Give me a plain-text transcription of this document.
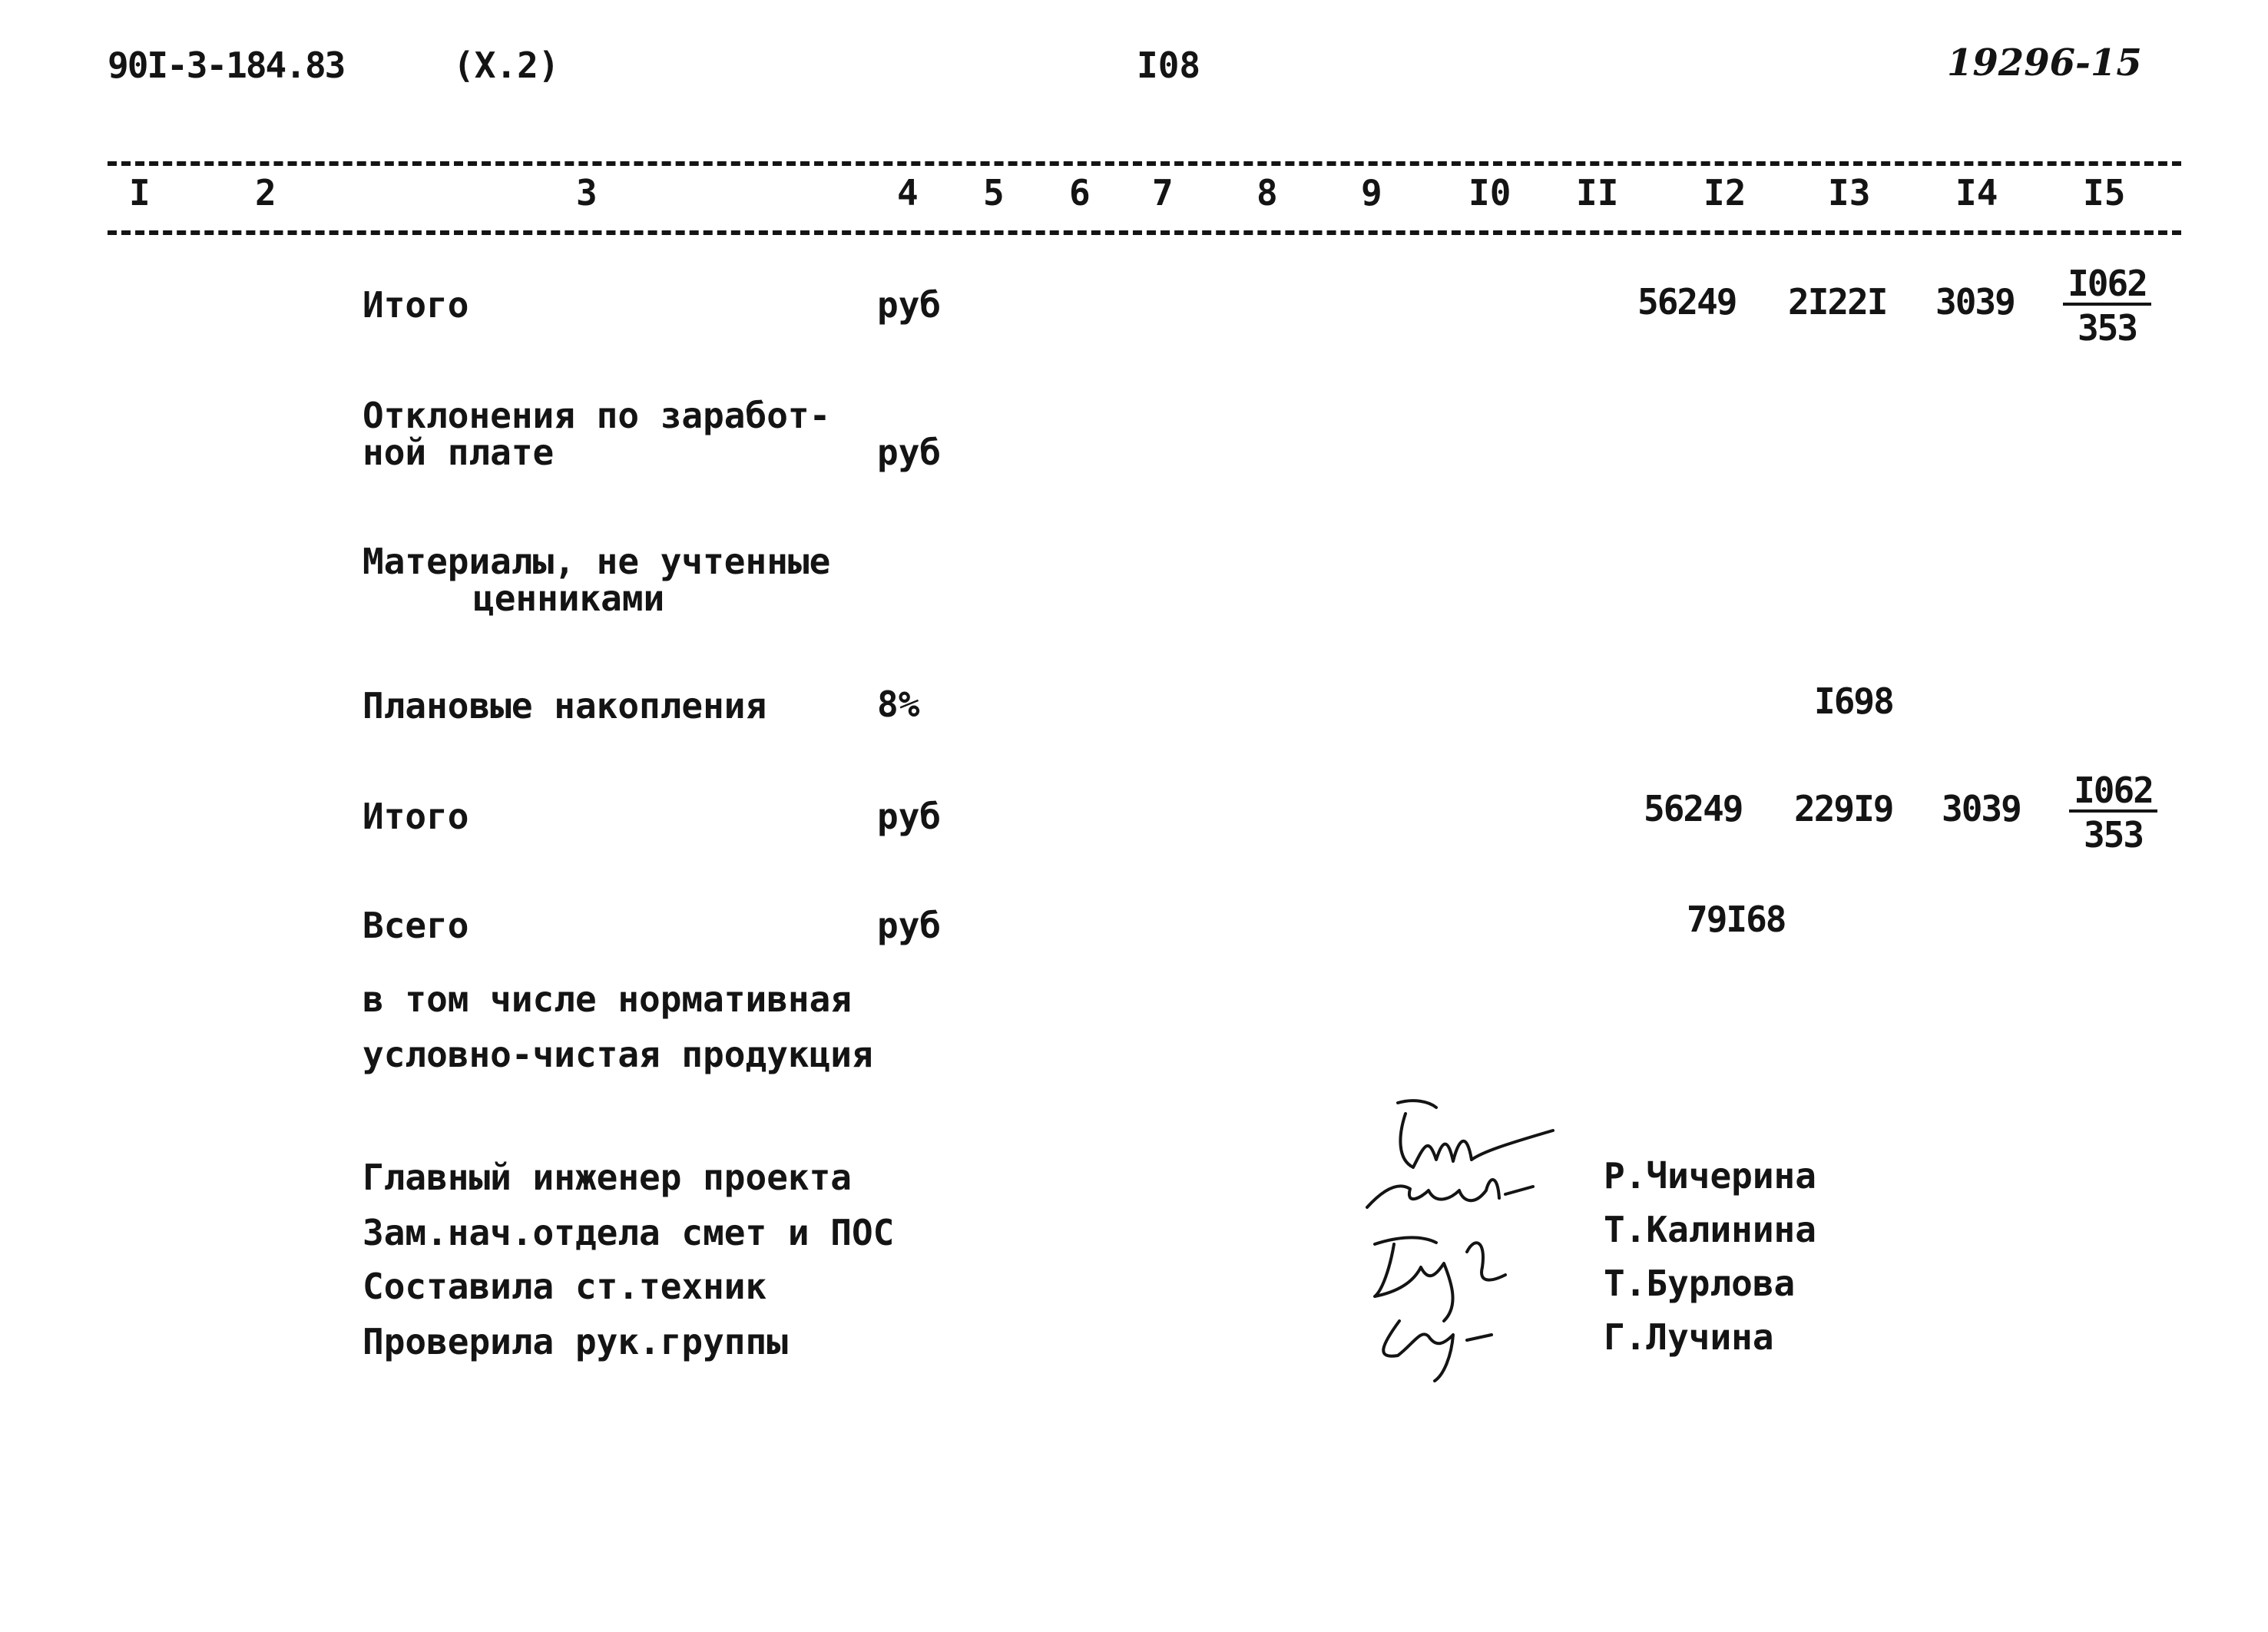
90I-3-184.83	(X.2)	I08	19296-15
I	2	3	4 5 6 7 8 9 I0 II I2 I3 I4 I5
Итого	руб	56249 2I22I $3039 \frac{I062}{353}$
Отклонения по заработ-
ной плате	руб
Материалы, не учтенные
ценниками
Плановые накопления	8%	I698
Итого	руб	56249 229I9 $3039 \frac{I062}{353}$
Всего	руб	79I68
в том числе нормативная
условно-чистая продукция
Главный инженер проекта
Зам.нач.отдела смет и ПОС
Составила ст.техник
Проверила рук.группы
Р.Чичерина
Т.Калинина
Т.Бурлова
Г.Лучина
